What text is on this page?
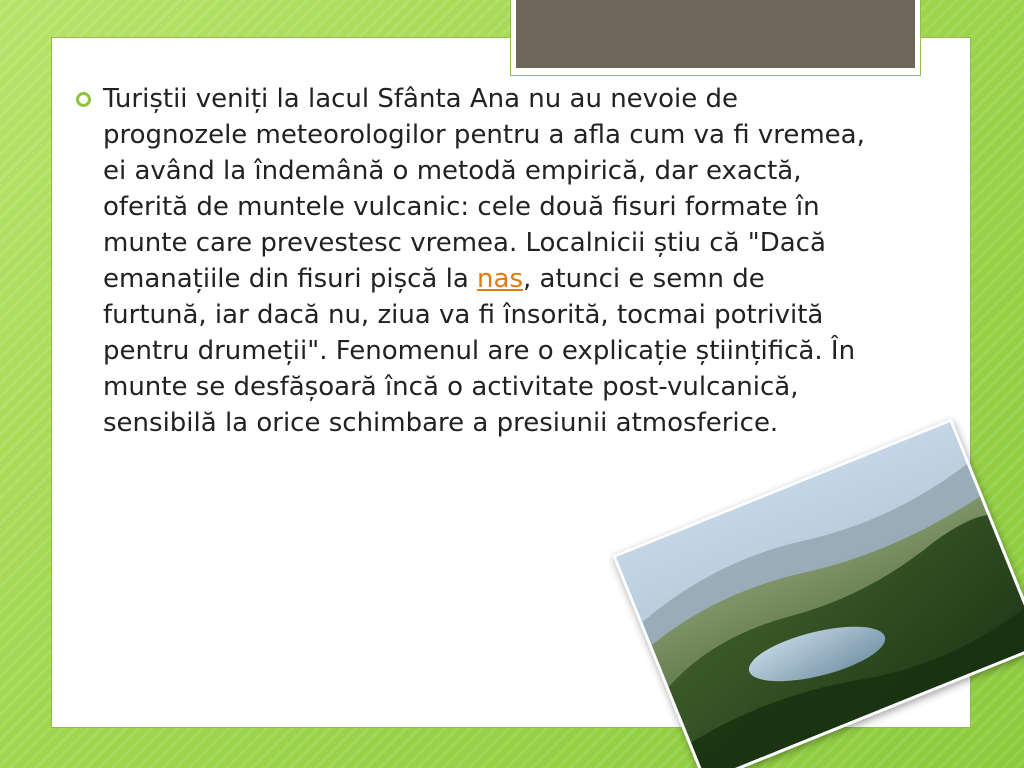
Turiștii veniți la lacul Sfânta Ana nu au nevoie de prognozele meteorologilor pentru a afla cum va fi vremea, ei având la îndemână o metodă empirică, dar exactă, oferită de muntele vulcanic: cele două fisuri formate în munte care prevestesc vremea. Localnicii știu că "Dacă emanațiile din fisuri pișcă la nas, atunci e semn de furtună, iar dacă nu, ziua va fi însorită, tocmai potrivită pentru drumeții". Fenomenul are o explicație științifică. În munte se desfășoară încă o activitate post-vulcanică, sensibilă la orice schimbare a presiunii atmosferice.
